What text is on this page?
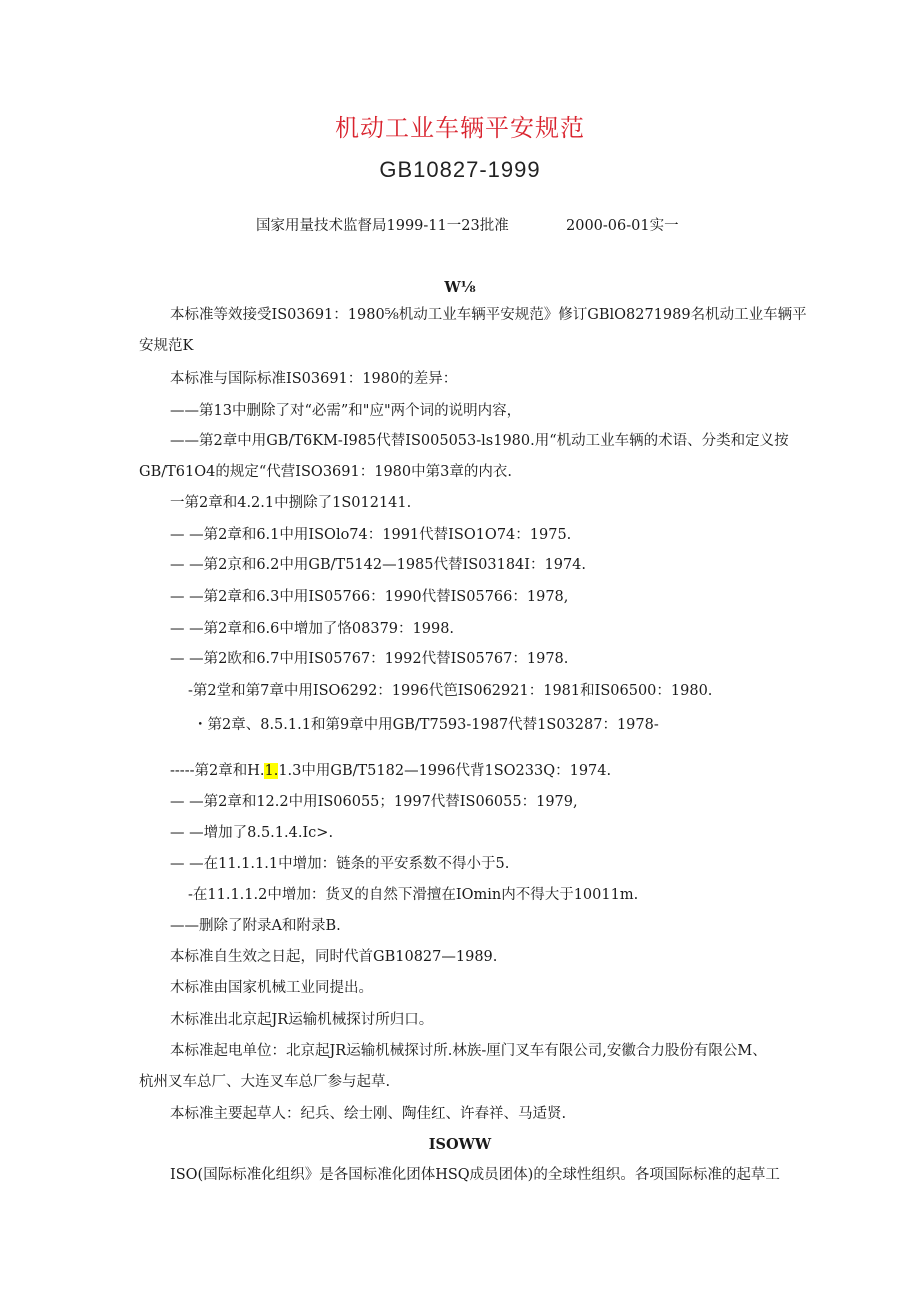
机动工业车辆平安规范
GB10827-1999
国家用量技术监督局1999-11一23批准	2000-06-01实一
W⅛
本标准等效接受IS03691：1980⅝机动工业车辆平安规范》修订GBlO8271989名机动工业车辆平
安规范K
本标准与国际标准IS03691：1980的差异：
——第13中删除了对“必需”和"应"两个词的说明内容，
——第2章中用GB/T6KM-I985代替IS005053-ls1980.用“机动工业车辆的术语、分类和定义按
GB/T61O4的规定“代营ISO3691：1980中第3章的内衣.
一第2章和4.2.1中捌除了1S012141.
— —第2章和6.1中用ISOlo74：1991代替ISO1O74：1975.
— —第2京和6.2中用GB/T5142—1985代替IS03184I：1974.
— —第2章和6.3中用IS05766：1990代替IS05766：1978,
— —第2章和6.6中增加了恪08379：1998.
— —第2欧和6.7中用IS05767：1992代替IS05767：1978.
-第2堂和第7章中用ISO6292：1996代笆IS062921：1981和IS06500：1980.
・第2章、8.5.1.1和第9章中用GB/T7593-1987代替1S03287：1978-
-----第2章和H.1.1.3中用GB/T5182—1996代背1SO233Q：1974.
— —第2章和12.2中用IS06055；1997代替IS06055：1979,
— —增加了8.5.1.4.Ic>.
— —在11.1.1.1中增加：链条的平安系数不得小于5.
-在11.1.1.2中增加：货叉的自然下滑擅在IOmin内不得大于10011m.
——删除了附录A和附录B.
本标准自生效之日起，同时代首GB10827—1989.
木标准由国家机械工业同提出。
木标准出北京起JR运输机械探讨所归口。
本标准起电单位：北京起JR运输机械探讨所.林族-厘门叉车有限公司,安徽合力股份有限公M、
杭州叉车总厂、大连叉车总厂参与起草.
本标准主要起草人：纪兵、绘士刚、陶佳红、许春祥、马适贤.
ISOWW
ISO(国际标准化组织》是各国标准化团体HSQ成员团体)的全球性组织。各项国际标准的起草工
